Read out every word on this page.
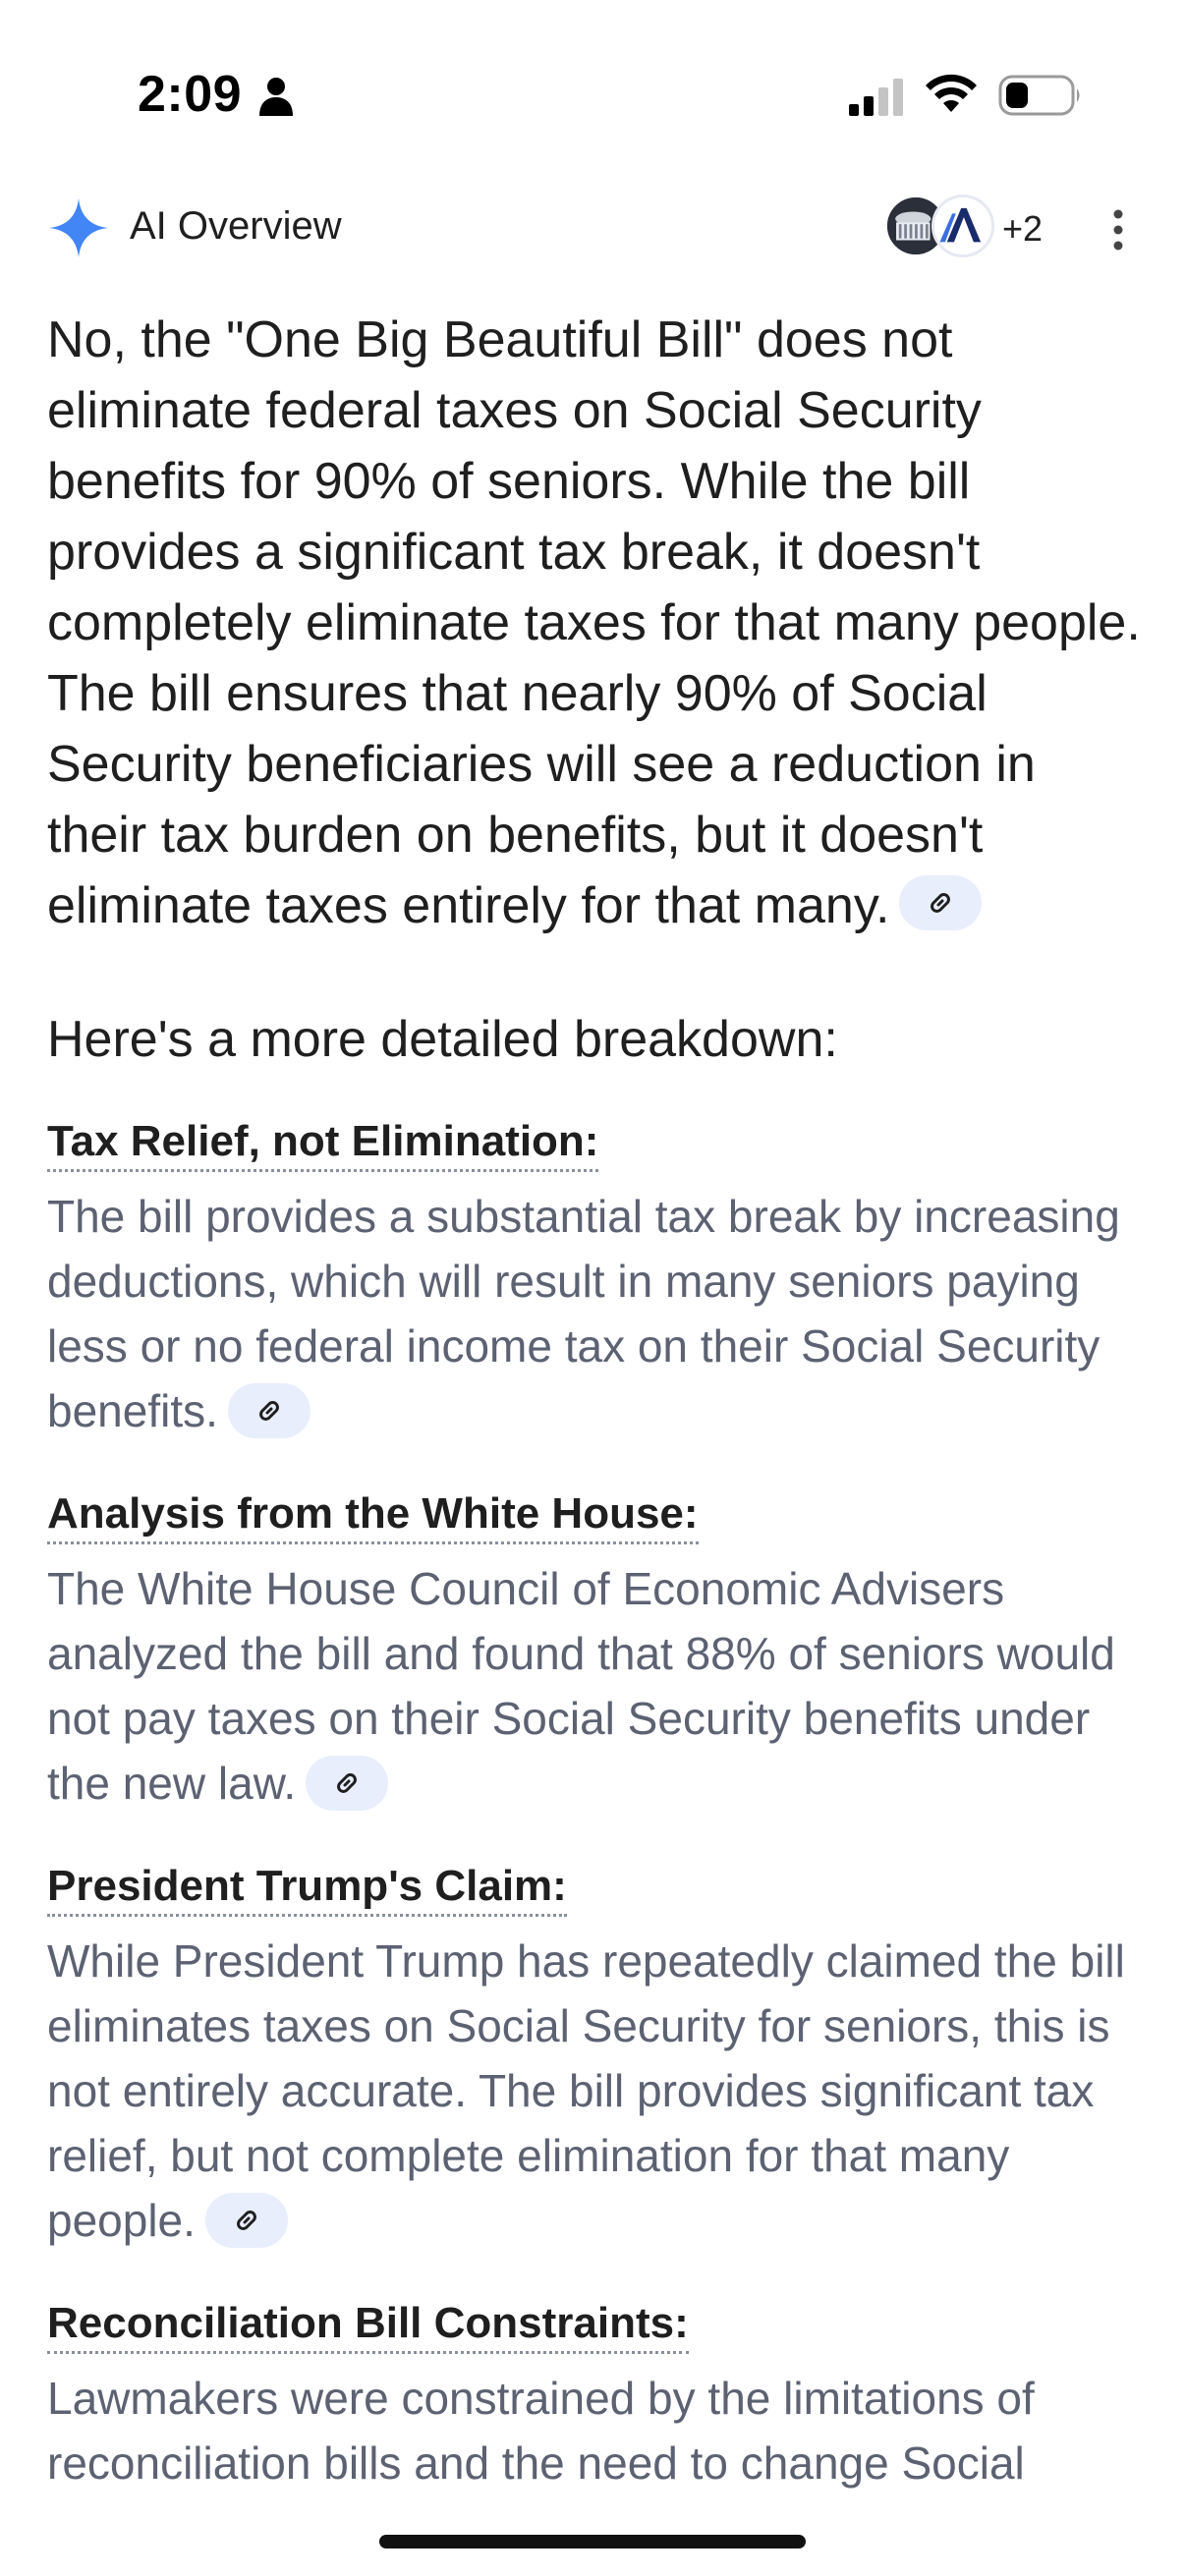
2:09
AI Overview	+2

No, the "One Big Beautiful Bill" does not eliminate federal taxes on Social Security benefits for 90% of seniors. While the bill provides a significant tax break, it doesn't completely eliminate taxes for that many people. The bill ensures that nearly 90% of Social Security beneficiaries will see a reduction in their tax burden on benefits, but it doesn't eliminate taxes entirely for that many.

Here's a more detailed breakdown:
Tax Relief, not Elimination:
The bill provides a substantial tax break by increasing deductions, which will result in many seniors paying less or no federal income tax on their Social Security benefits.
Analysis from the White House:
The White House Council of Economic Advisers analyzed the bill and found that 88% of seniors would not pay taxes on their Social Security benefits under the new law.
President Trump's Claim:
While President Trump has repeatedly claimed the bill eliminates taxes on Social Security for seniors, this is not entirely accurate. The bill provides significant tax relief, but not complete elimination for that many people.
Reconciliation Bill Constraints:
Lawmakers were constrained by the limitations of reconciliation bills and the need to change Social
